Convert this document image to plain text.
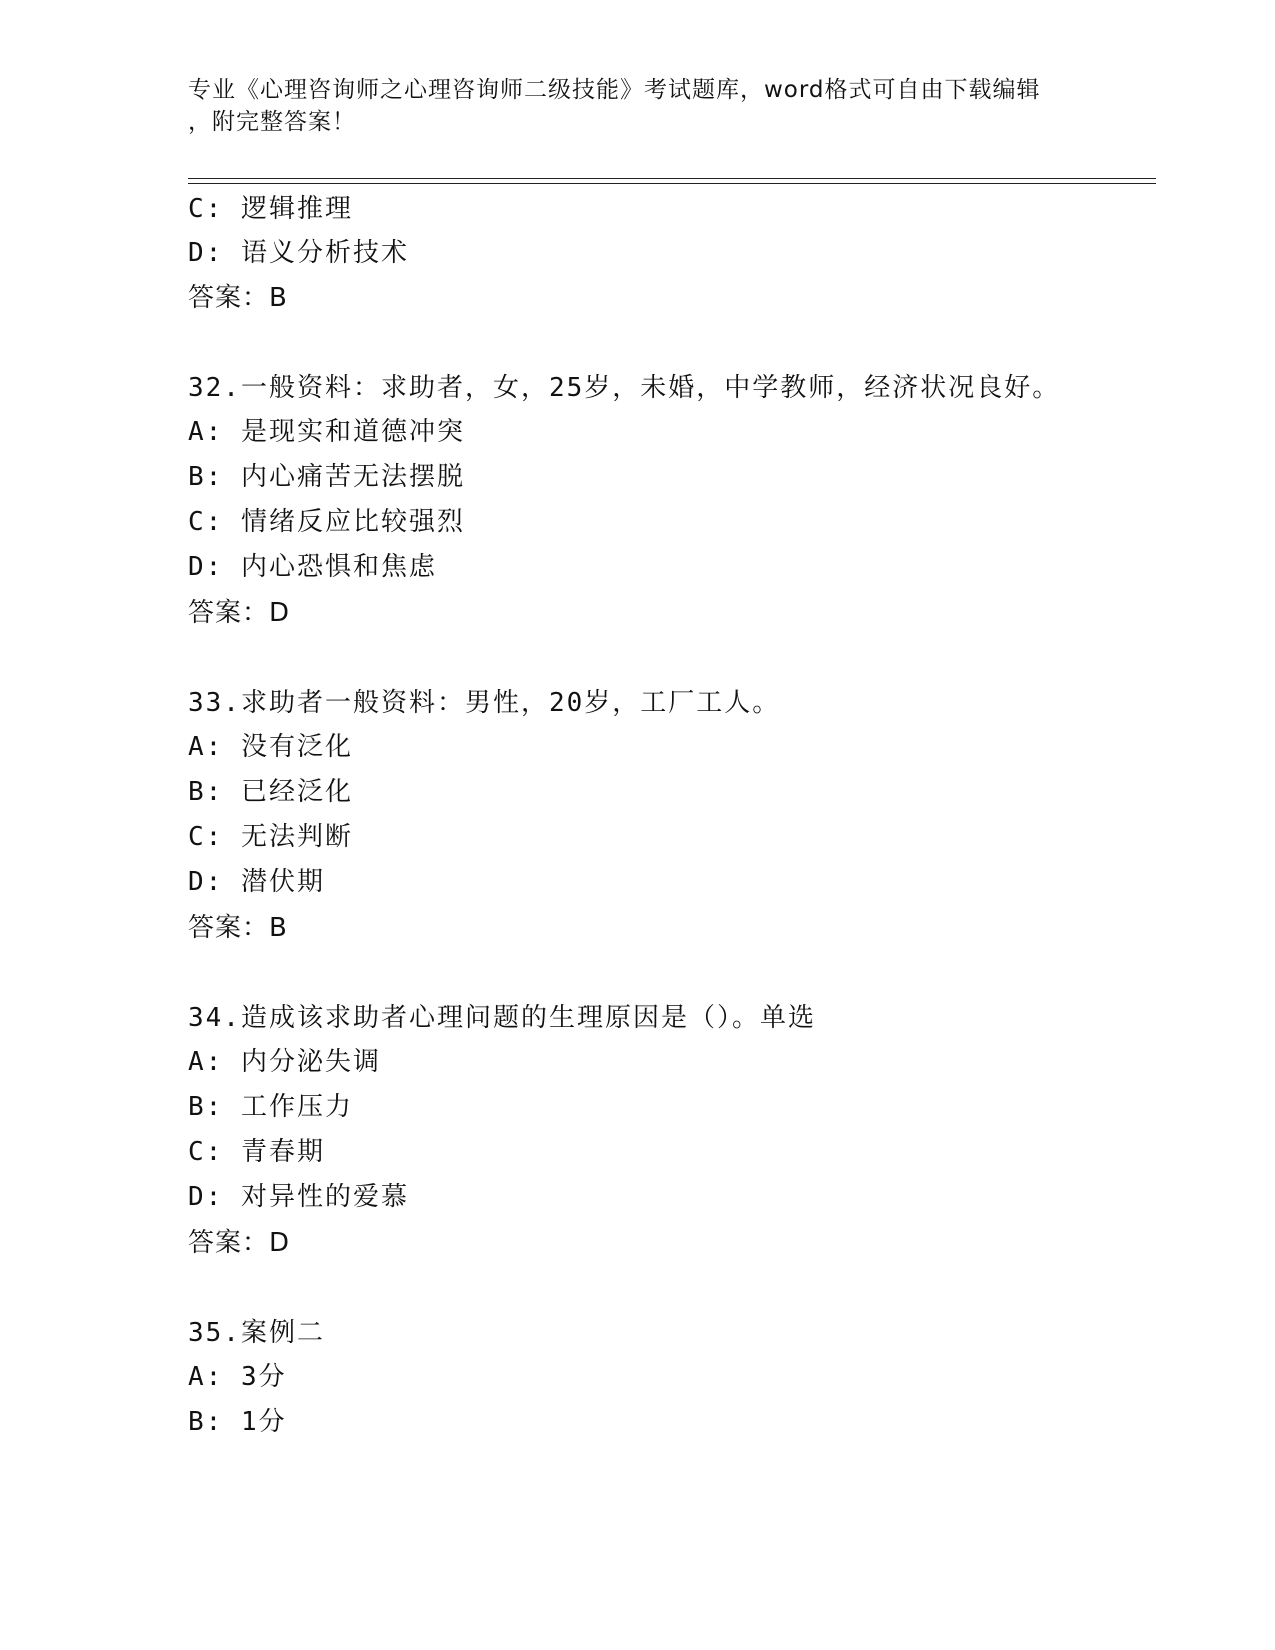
专业《心理咨询师之心理咨询师二级技能》考试题库，word格式可自由下载编辑
，附完整答案！
C: 逻辑推理
D: 语义分析技术
答案：B
32.一般资料：求助者，女，25岁，未婚，中学教师，经济状况良好。
A: 是现实和道德冲突
B: 内心痛苦无法摆脱
C: 情绪反应比较强烈
D: 内心恐惧和焦虑
答案：D
33.求助者一般资料：男性，20岁，工厂工人。
A: 没有泛化
B: 已经泛化
C: 无法判断
D: 潜伏期
答案：B
34.造成该求助者心理问题的生理原因是（）。单选
A: 内分泌失调
B: 工作压力
C: 青春期
D: 对异性的爱慕
答案：D
35.案例二
A: 3分
B: 1分
